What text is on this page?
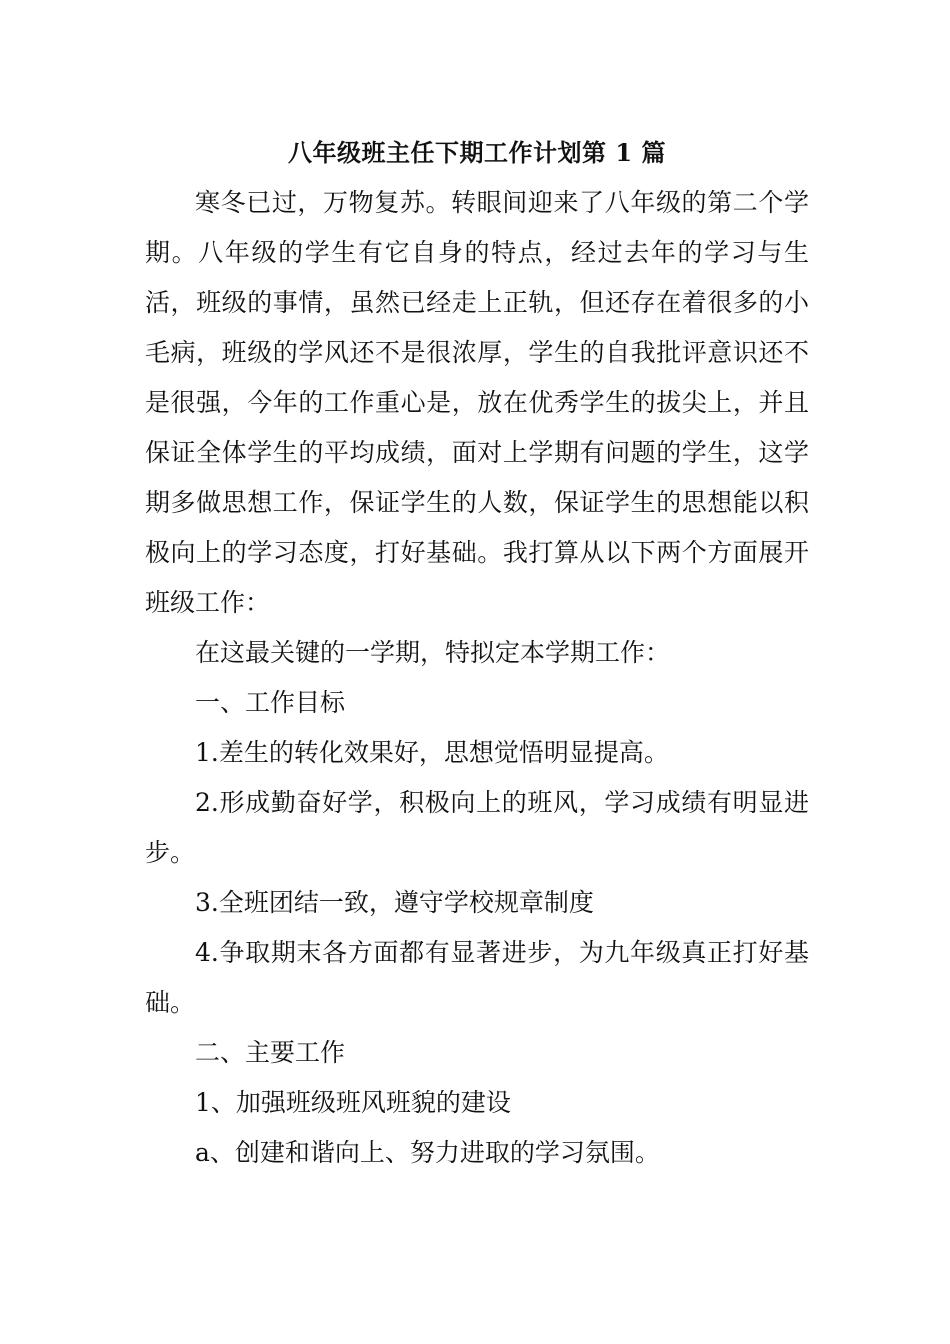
八年级班主任下期工作计划第 1 篇

寒冬已过，万物复苏。转眼间迎来了八年级的第二个学期。八年级的学生有它自身的特点，经过去年的学习与生活，班级的事情，虽然已经走上正轨，但还存在着很多的小毛病，班级的学风还不是很浓厚，学生的自我批评意识还不是很强，今年的工作重心是，放在优秀学生的拔尖上，并且保证全体学生的平均成绩，面对上学期有问题的学生，这学期多做思想工作，保证学生的人数，保证学生的思想能以积极向上的学习态度，打好基础。我打算从以下两个方面展开班级工作：

在这最关键的一学期，特拟定本学期工作：

一、工作目标

1.差生的转化效果好，思想觉悟明显提高。

2.形成勤奋好学，积极向上的班风，学习成绩有明显进步。

3.全班团结一致，遵守学校规章制度

4.争取期末各方面都有显著进步，为九年级真正打好基础。

二、主要工作

1、加强班级班风班貌的建设

a、创建和谐向上、努力进取的学习氛围。
